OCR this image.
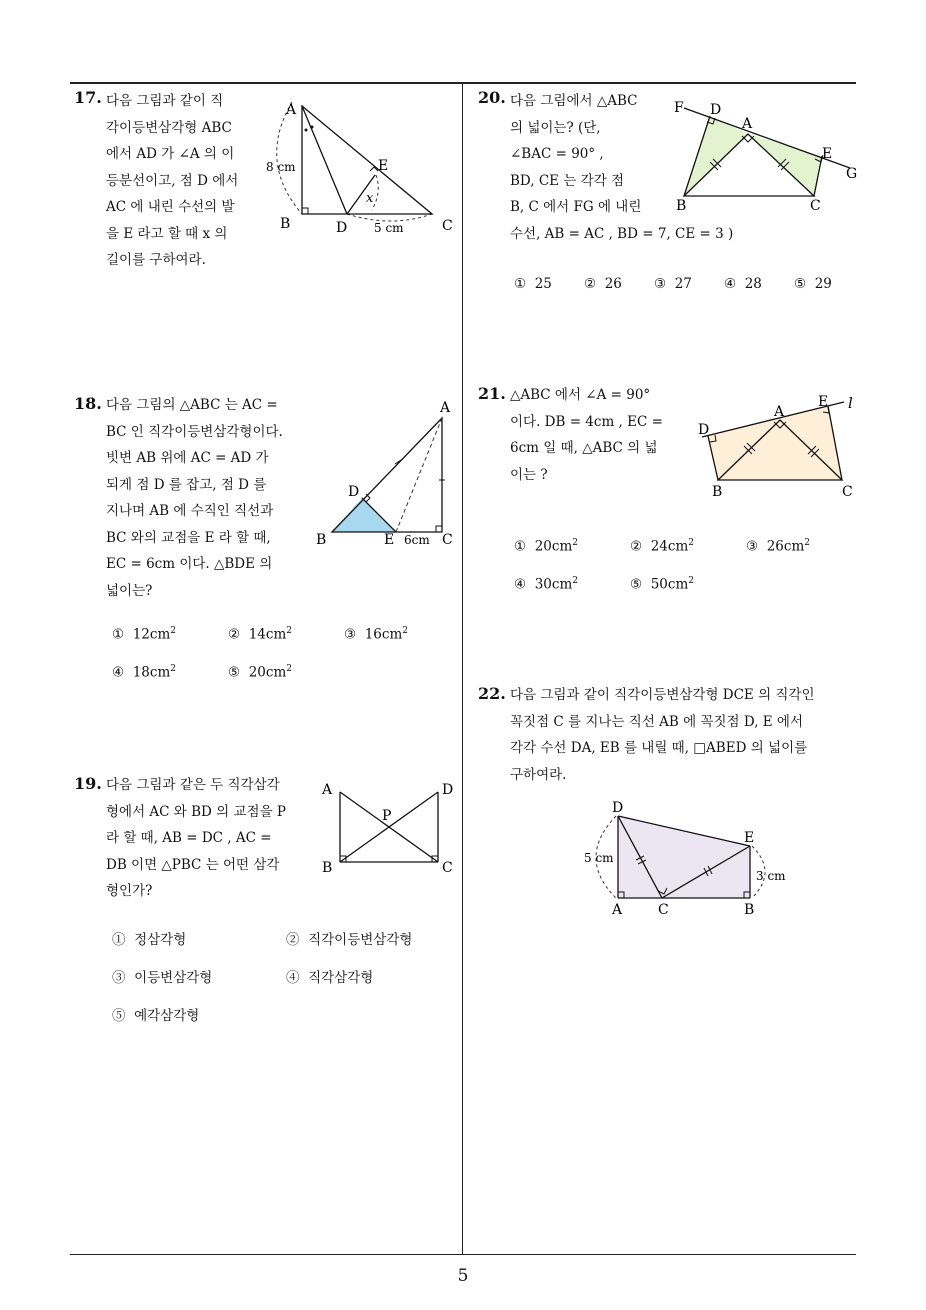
5
17. 다음 그림과 같이 직
각이등변삼각형 ABC
에서 AD 가 ∠A 의 이
등분선이고, 점 D 에서
AC 에 내린 수선의 발
을 E 라고 할 때 x 의
길이를 구하여라.
A
B	C
D
E
x
8 cm
5 cm
18. 다음 그림의 △ABC 는 AC =
BC 인 직각이등변삼각형이다.
빗변 AB 위에 AC = AD 가
되게 점 D 를 잡고, 점 D 를
지나며 AB 에 수직인 직선과
BC 와의 교점을 E 라 할 때,
EC = 6cm 이다. △BDE 의
넓이는?
A
B	C
D
E 6cm
① $12cm^2$	② $14cm^2$	③ $16cm^2$
④ $18cm^2$	⑤ $20cm^2$
19. 다음 그림과 같은 두 직각삼각
형에서 AC 와 BD 의 교점을 P
라 할 때, AB = DC , AC =
DB 이면 △PBC 는 어떤 삼각
형인가?
A
B	C
D
P
① 정삼각형	② 직각이등변삼각형
③ 이등변삼각형	④ 직각삼각형
⑤ 예각삼각형
20. 다음 그림에서 △ABC
의 넓이는? (단,
∠BAC = 90° ,
BD, CE 는 각각 점
B, C 에서 FG 에 내린
수선, AB = AC , BD = 7, CE = 3 )
F D
A
E
G
B	C
① 25 ② 26 ③ 27 ④ 28 ⑤ 29
21. △ABC 에서 ∠A = 90°
이다. DB = 4cm , EC =
6cm 일 때, △ABC 의 넓
이는 ?
D
A
E l
B	C
① $20cm^2$	② $24cm^2$	③ $26cm^2$
④ $30cm^2$	⑤ $50cm^2$
22. 다음 그림과 같이 직각이등변삼각형 DCE 의 직각인
꼭짓점 C 를 지나는 직선 AB 에 꼭짓점 D, E 에서
각각 수선 DA, EB 를 내릴 때, □ABED 의 넓이를
구하여라.
D
E
A	C	B
5 cm
3 cm
